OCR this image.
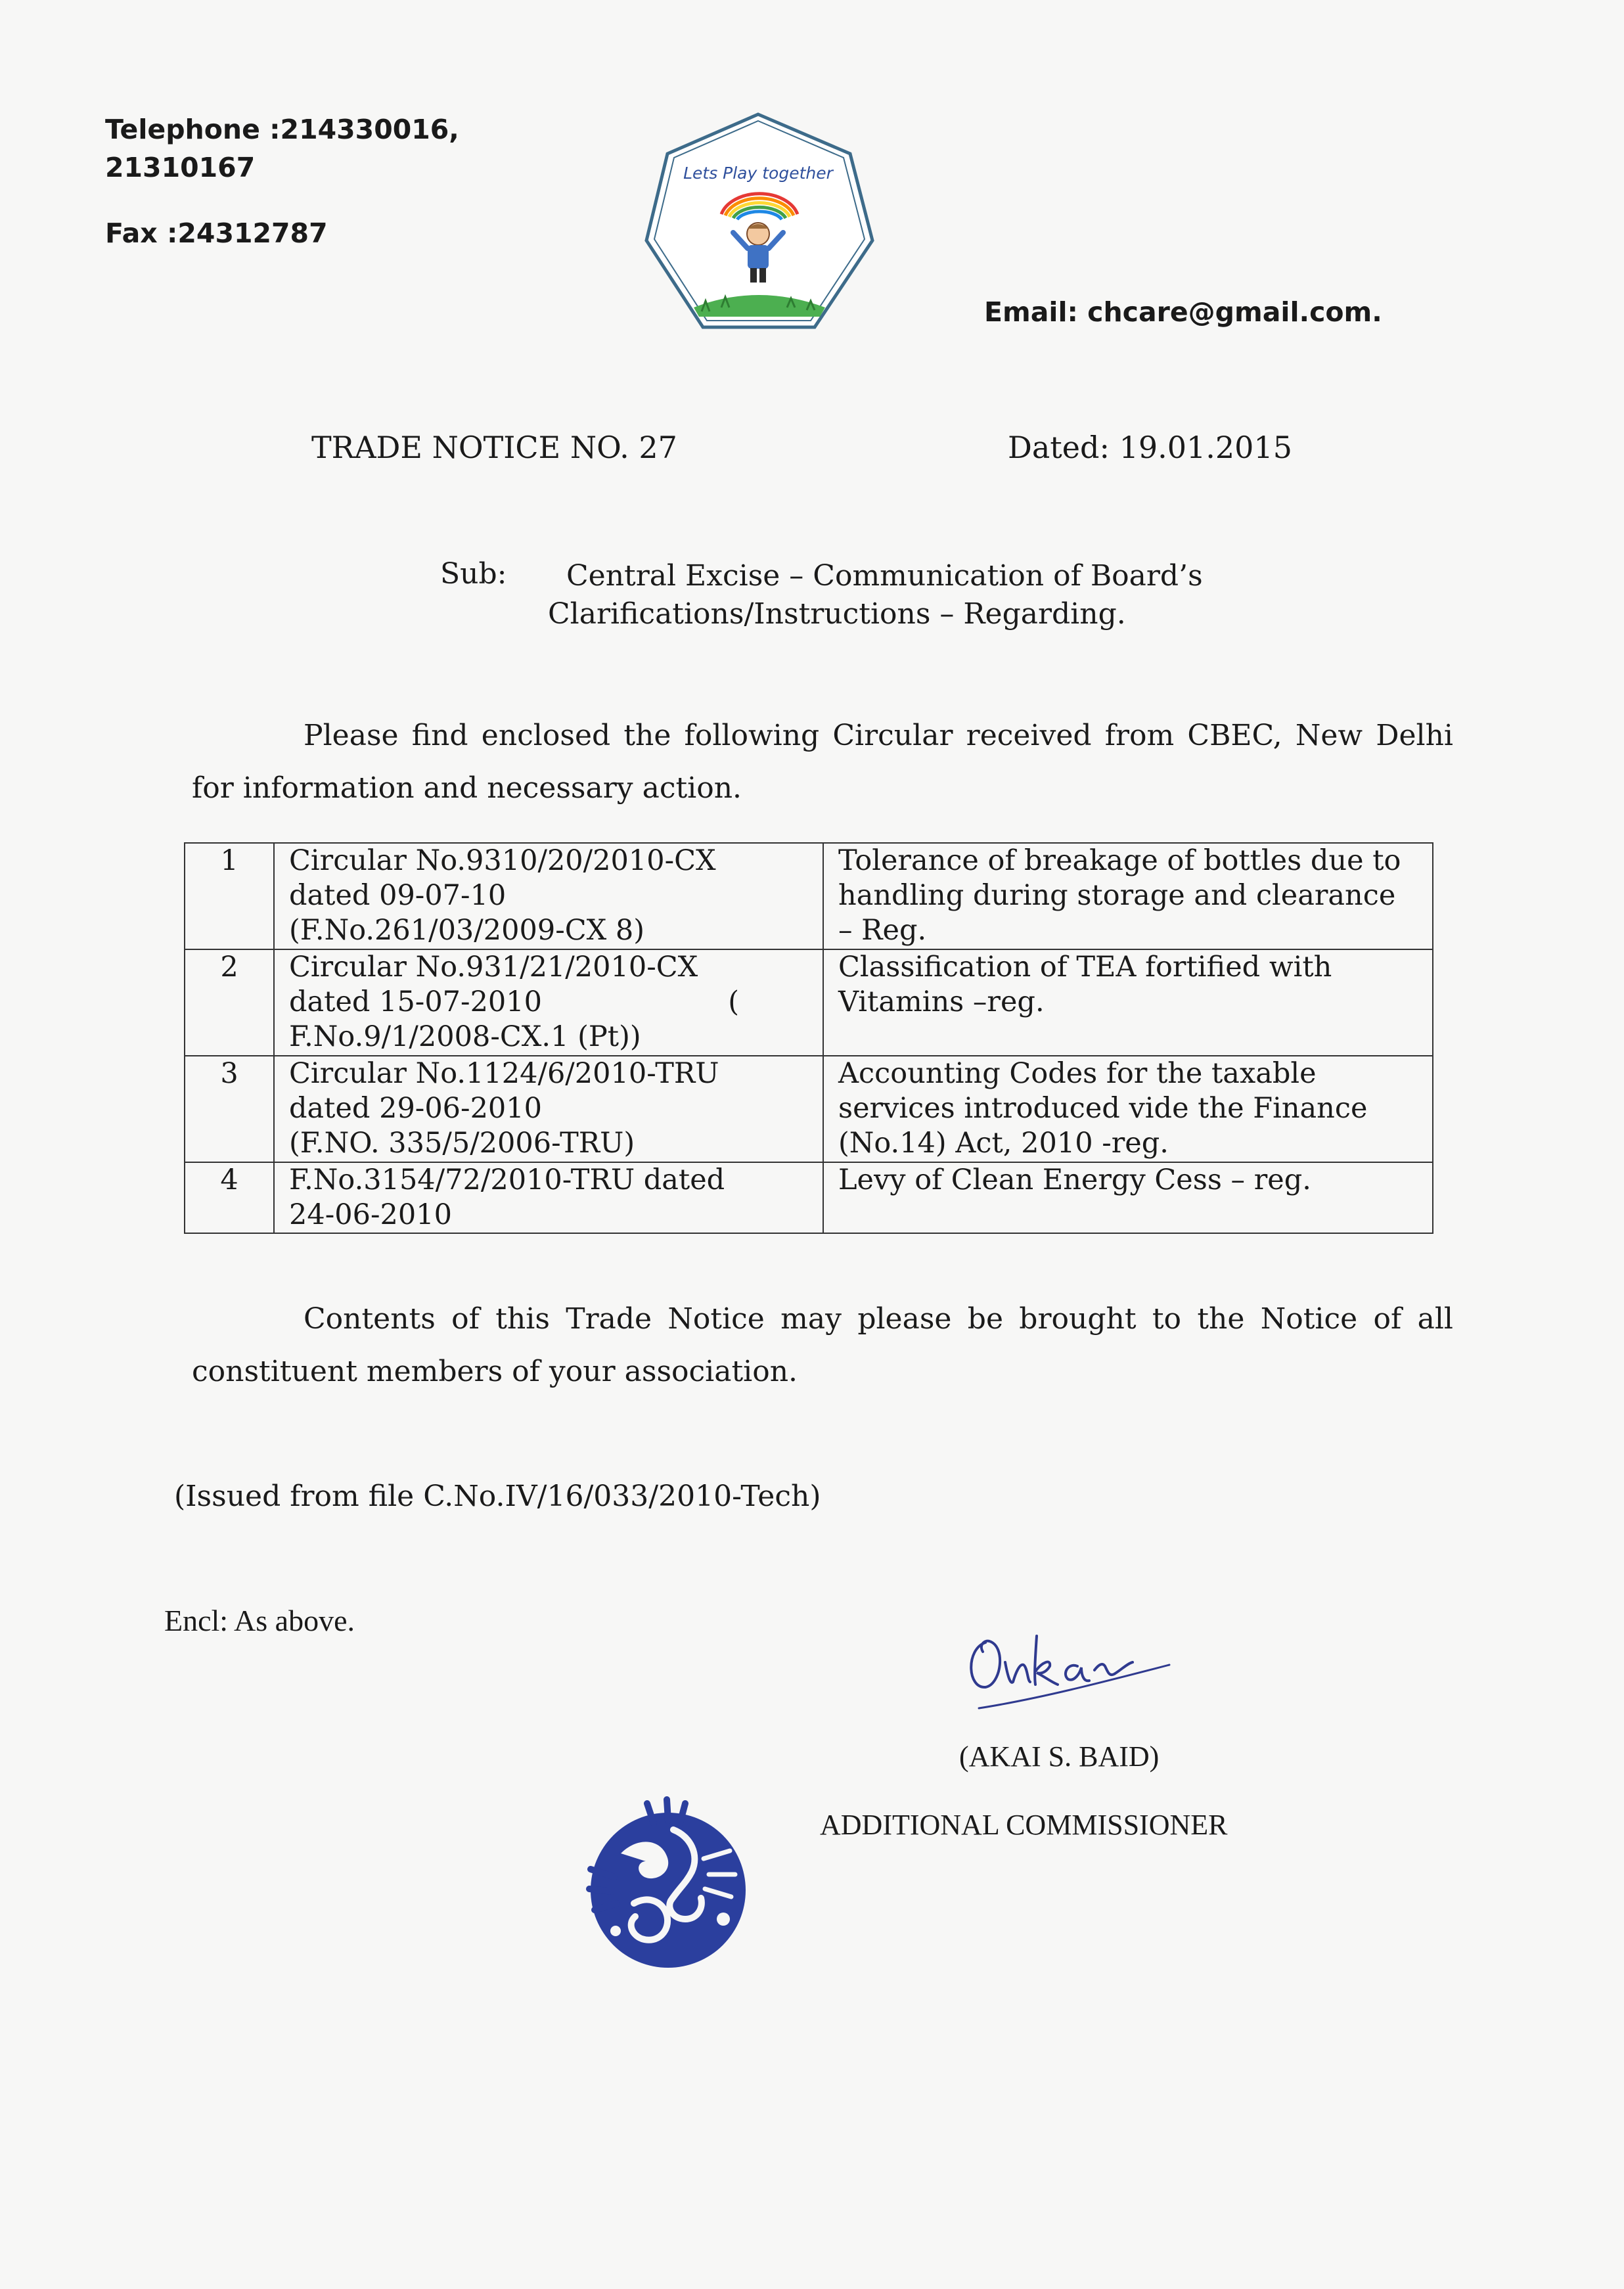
Telephone :214330016,
21310167
Fax :24312787
Lets Play together
Email: chcare@gmail.com.
TRADE NOTICE NO. 27	Dated: 19.01.2015
Sub: Central Excise – Communication of Board’s
Clarifications/Instructions – Regarding.
Please find enclosed the following Circular received from CBEC, New Delhi
for information and necessary action.
1	Circular No.9310/20/2010-CX
dated 09-07-10
(F.No.261/03/2009-CX 8)	Tolerance of breakage of bottles due to
handling during storage and clearance
– Reg.

2	Circular No.931/21/2010-CX
dated 15-07-2010 (
F.No.9/1/2008-CX.1 (Pt))	Classification of TEA fortified with
Vitamins –reg.

3	Circular No.1124/6/2010-TRU
dated 29-06-2010
(F.NO. 335/5/2006-TRU)	Accounting Codes for the taxable
services introduced vide the Finance
(No.14) Act, 2010 -reg.

4	F.No.3154/72/2010-TRU dated
24-06-2010	Levy of Clean Energy Cess – reg.
Contents of this Trade Notice may please be brought to the Notice of all
constituent members of your association.
(Issued from file C.No.IV/16/033/2010-Tech)
Encl: As above.
(AKAI S. BAID)
ADDITIONAL COMMISSIONER
